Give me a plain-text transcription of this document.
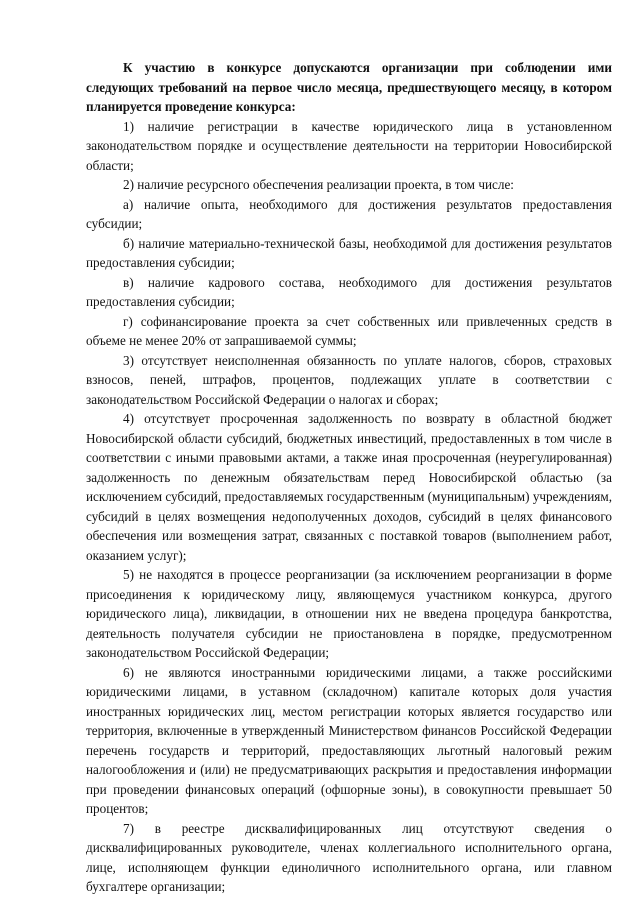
К участию в конкурсе допускаются организации при соблюдении ими следующих требований на первое число месяца, предшествующего месяцу, в котором планируется проведение конкурса:

1) наличие регистрации в качестве юридического лица в установленном законодательством порядке и осуществление деятельности на территории Новосибирской области;

2) наличие ресурсного обеспечения реализации проекта, в том числе:

а) наличие опыта, необходимого для достижения результатов предоставления субсидии;

б) наличие материально-технической базы, необходимой для достижения результатов предоставления субсидии;

в) наличие кадрового состава, необходимого для достижения результатов предоставления субсидии;

г) софинансирование проекта за счет собственных или привлеченных средств в объеме не менее 20% от запрашиваемой суммы;

3) отсутствует неисполненная обязанность по уплате налогов, сборов, страховых взносов, пеней, штрафов, процентов, подлежащих уплате в соответствии с законодательством Российской Федерации о налогах и сборах;

4) отсутствует просроченная задолженность по возврату в областной бюджет Новосибирской области субсидий, бюджетных инвестиций, предоставленных в том числе в соответствии с иными правовыми актами, а также иная просроченная (неурегулированная) задолженность по денежным обязательствам перед Новосибирской областью (за исключением субсидий, предоставляемых государственным (муниципальным) учреждениям, субсидий в целях возмещения недополученных доходов, субсидий в целях финансового обеспечения или возмещения затрат, связанных с поставкой товаров (выполнением работ, оказанием услуг);

5) не находятся в процессе реорганизации (за исключением реорганизации в форме присоединения к юридическому лицу, являющемуся участником конкурса, другого юридического лица), ликвидации, в отношении них не введена процедура банкротства, деятельность получателя субсидии не приостановлена в порядке, предусмотренном законодательством Российской Федерации;

6) не являются иностранными юридическими лицами, а также российскими юридическими лицами, в уставном (складочном) капитале которых доля участия иностранных юридических лиц, местом регистрации которых является государство или территория, включенные в утвержденный Министерством финансов Российской Федерации перечень государств и территорий, предоставляющих льготный налоговый режим налогообложения и (или) не предусматривающих раскрытия и предоставления информации при проведении финансовых операций (офшорные зоны), в совокупности превышает 50 процентов;

7) в реестре дисквалифицированных лиц отсутствуют сведения о дисквалифицированных руководителе, членах коллегиального исполнительного органа, лице, исполняющем функции единоличного исполнительного органа, или главном бухгалтере организации;
